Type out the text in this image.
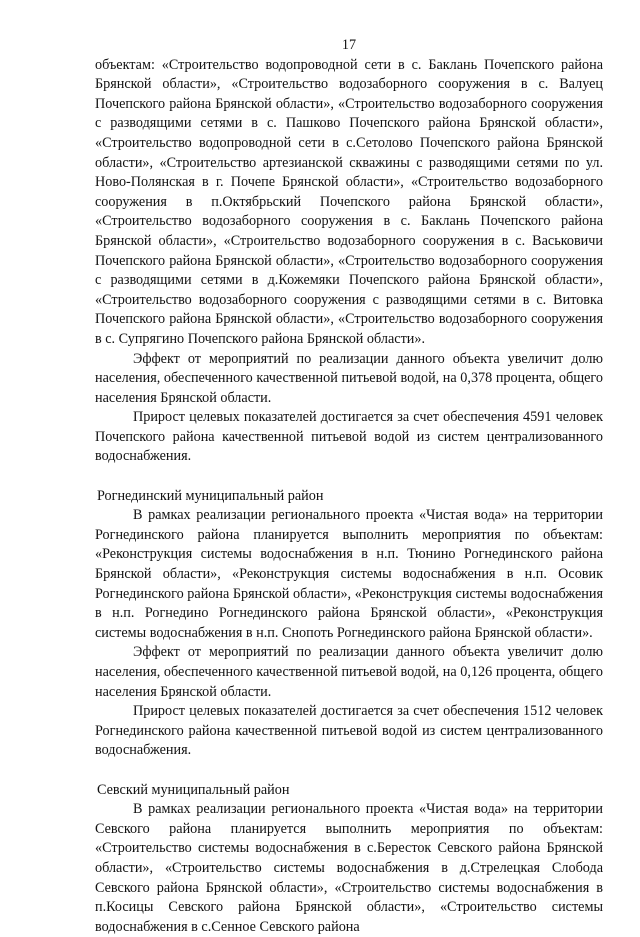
17

объектам: «Строительство водопроводной сети в с. Баклань Почепского района Брянской области», «Строительство водозаборного сооружения в с. Валуец Почепского района Брянской области», «Строительство водозаборного сооружения с разводящими сетями в с. Пашково Почепского района Брянской области», «Строительство водопроводной сети в с.Сетолово Почепского района Брянской области», «Строительство артезианской скважины с разводящими сетями по ул. Ново-Полянская в г. Почепе Брянской области», «Строительство водозаборного сооружения в п.Октябрьский Почепского района Брянской области», «Строительство водозаборного сооружения в с. Баклань Почепского района Брянской области», «Строительство водозаборного сооружения в с. Васьковичи Почепского района Брянской области», «Строительство водозаборного сооружения с разводящими сетями в д.Кожемяки Почепского района Брянской области», «Строительство водозаборного сооружения с разводящими сетями в с. Витовка Почепского района Брянской области», «Строительство водозаборного сооружения в с. Супрягино Почепского района Брянской области».

Эффект от мероприятий по реализации данного объекта увеличит долю населения, обеспеченного качественной питьевой водой, на 0,378 процента, общего населения Брянской области.

Прирост целевых показателей достигается за счет обеспечения 4591 человек Почепского района качественной питьевой водой из систем централизованного водоснабжения.

Рогнединский муниципальный район

В рамках реализации регионального проекта «Чистая вода» на территории Рогнединского района планируется выполнить мероприятия по объектам: «Реконструкция системы водоснабжения в н.п. Тюнино Рогнединского района Брянской области», «Реконструкция системы водоснабжения в н.п. Осовик Рогнединского района Брянской области», «Реконструкция системы водоснабжения в н.п. Рогнедино Рогнединского района Брянской области», «Реконструкция системы водоснабжения в н.п. Снопоть Рогнединского района Брянской области».

Эффект от мероприятий по реализации данного объекта увеличит долю населения, обеспеченного качественной питьевой водой, на 0,126 процента, общего населения Брянской области.

Прирост целевых показателей достигается за счет обеспечения 1512 человек Рогнединского района качественной питьевой водой из систем централизованного водоснабжения.

Севский муниципальный район

В рамках реализации регионального проекта «Чистая вода» на территории Севского района планируется выполнить мероприятия по объектам: «Строительство системы водоснабжения в с.Бересток Севского района Брянской области», «Строительство системы водоснабжения в д.Стрелецкая Слобода Севского района Брянской области», «Строительство системы водоснабжения в п.Косицы Севского района Брянской области», «Строительство системы водоснабжения в с.Сенное Севского района
